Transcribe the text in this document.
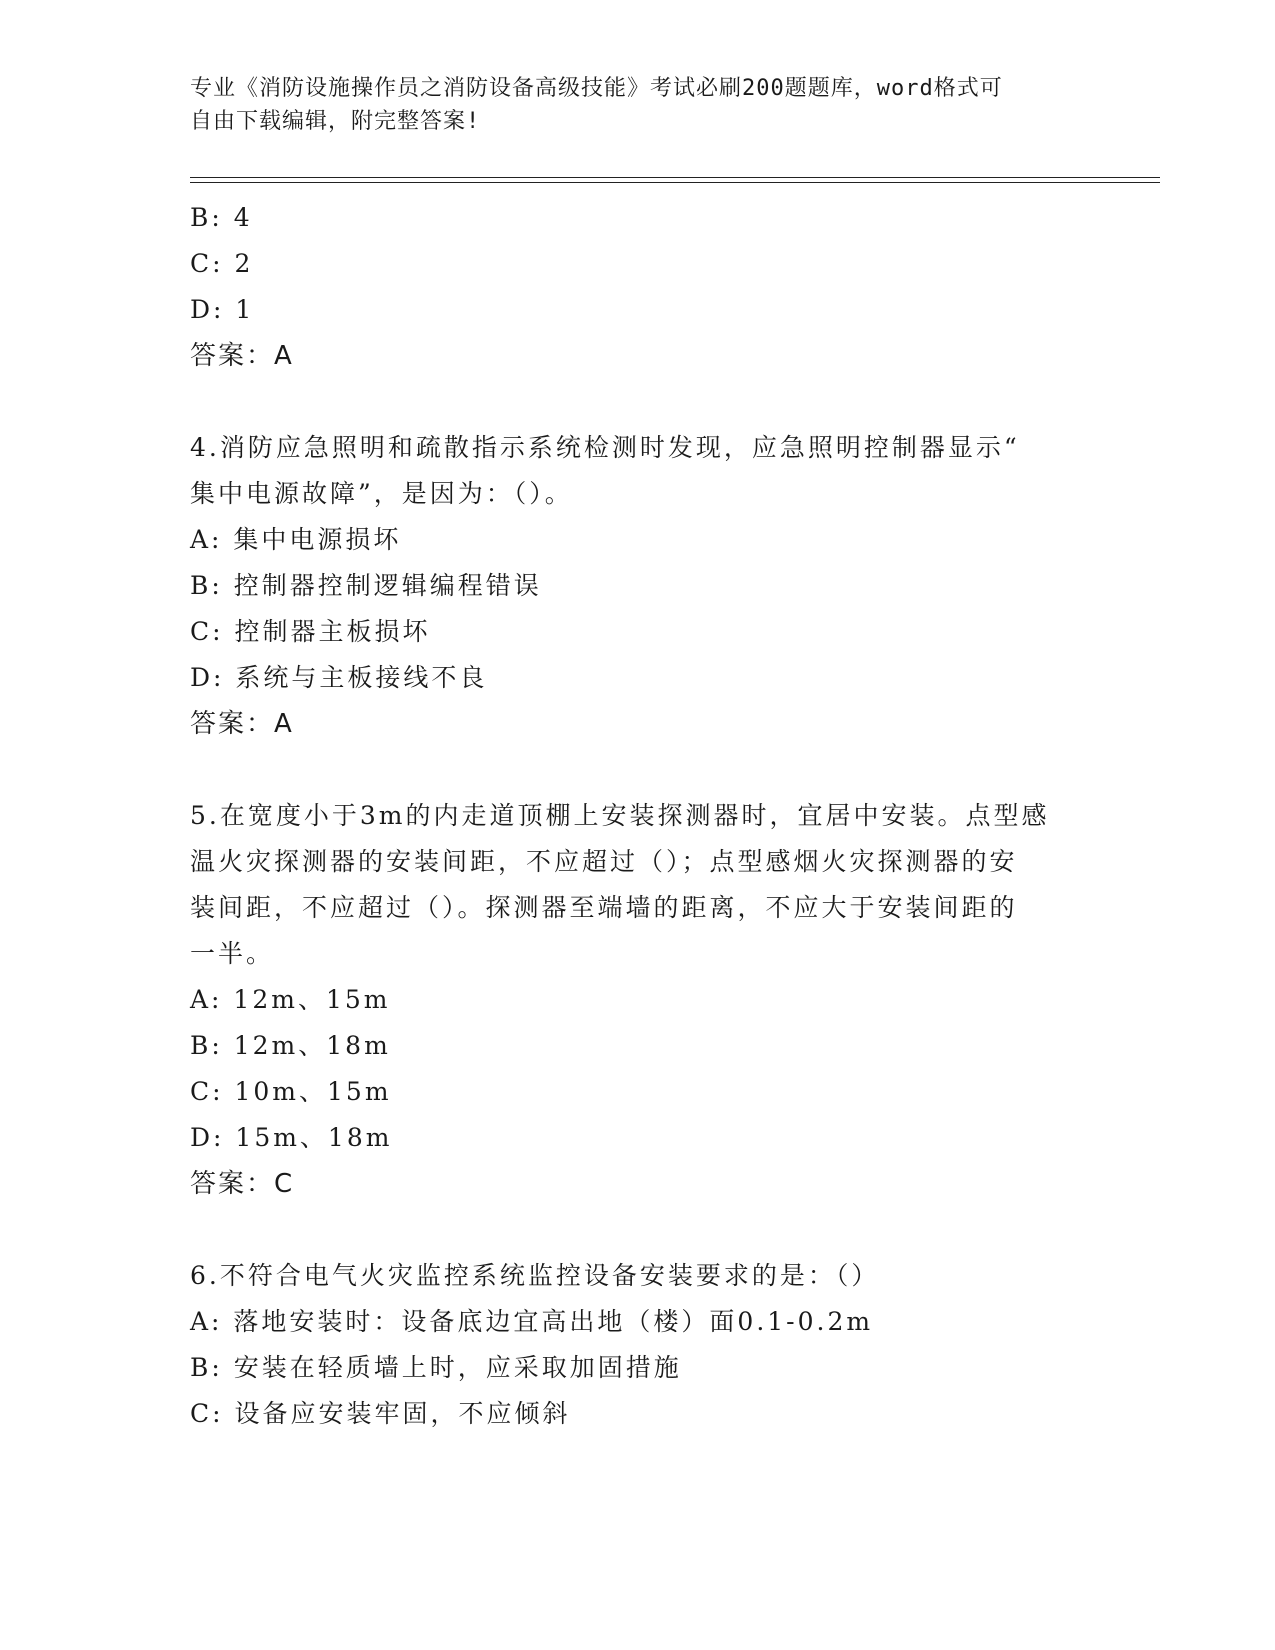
专业《消防设施操作员之消防设备高级技能》考试必刷200题题库，word格式可
自由下载编辑，附完整答案!
B: 4
C: 2
D: 1
答案：A
4.消防应急照明和疏散指示系统检测时发现，应急照明控制器显示“
集中电源故障”，是因为：（）。
A: 集中电源损坏
B: 控制器控制逻辑编程错误
C: 控制器主板损坏
D: 系统与主板接线不良
答案：A
5.在宽度小于3m的内走道顶棚上安装探测器时，宜居中安装。点型感
温火灾探测器的安装间距，不应超过（）；点型感烟火灾探测器的安
装间距，不应超过（）。探测器至端墙的距离，不应大于安装间距的
一半。
A: 12m、15m
B: 12m、18m
C: 10m、15m
D: 15m、18m
答案：C
6.不符合电气火灾监控系统监控设备安装要求的是：（）
A: 落地安装时：设备底边宜高出地（楼）面0.1-0.2m
B: 安装在轻质墙上时，应采取加固措施
C: 设备应安装牢固，不应倾斜
